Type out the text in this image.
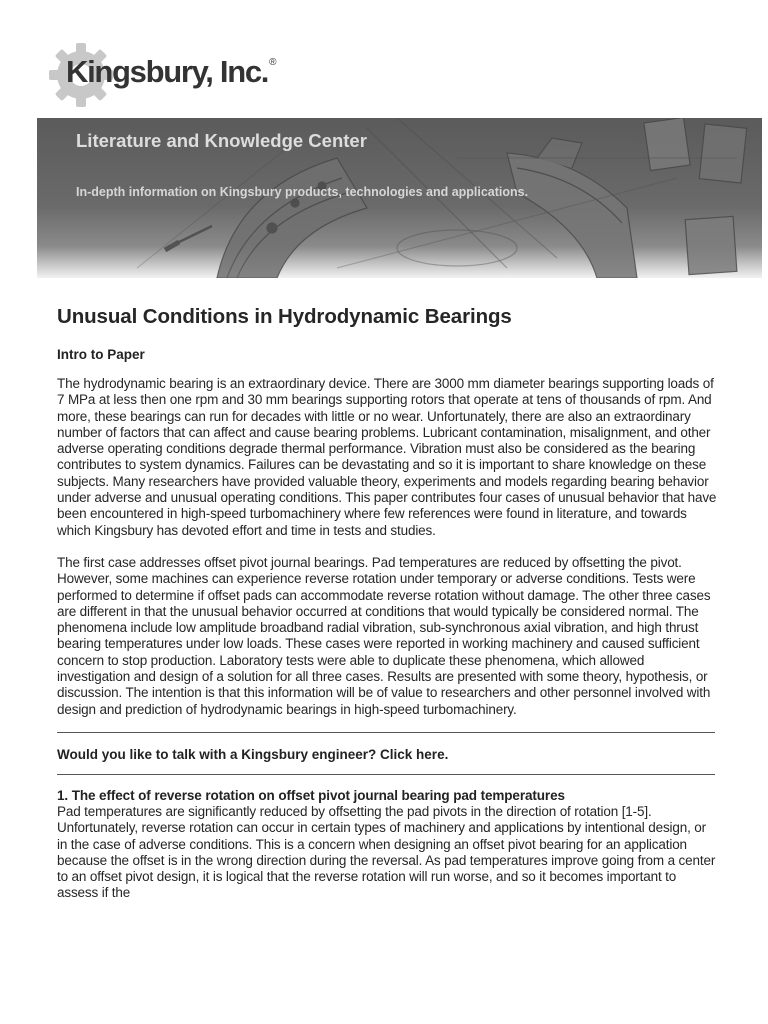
Kingsbury, Inc.®
Literature and Knowledge Center
In-depth information on Kingsbury products, technologies and applications.
Unusual Conditions in Hydrodynamic Bearings
Intro to Paper

The hydrodynamic bearing is an extraordinary device. There are 3000 mm diameter bearings supporting loads of 7 MPa at less then one rpm and 30 mm bearings supporting rotors that operate at tens of thousands of rpm. And more, these bearings can run for decades with little or no wear. Unfortunately, there are also an extraordinary number of factors that can affect and cause bearing problems. Lubricant contamination, misalignment, and other adverse operating conditions degrade thermal performance. Vibration must also be considered as the bearing contributes to system dynamics. Failures can be devastating and so it is important to share knowledge on these subjects. Many researchers have provided valuable theory, experiments and models regarding bearing behavior under adverse and unusual operating conditions. This paper contributes four cases of unusual behavior that have been encountered in high-speed turbomachinery where few references were found in literature, and towards which Kingsbury has devoted effort and time in tests and studies.

The first case addresses offset pivot journal bearings. Pad temperatures are reduced by offsetting the pivot. However, some machines can experience reverse rotation under temporary or adverse conditions. Tests were performed to determine if offset pads can accommodate reverse rotation without damage. The other three cases are different in that the unusual behavior occurred at conditions that would typically be considered normal. The phenomena include low amplitude broadband radial vibration, sub-synchronous axial vibration, and high thrust bearing temperatures under low loads. These cases were reported in working machinery and caused sufficient concern to stop production. Laboratory tests were able to duplicate these phenomena, which allowed investigation and design of a solution for all three cases. Results are presented with some theory, hypothesis, or discussion. The intention is that this information will be of value to researchers and other personnel involved with design and prediction of hydrodynamic bearings in high-speed turbomachinery.

Would you like to talk with a Kingsbury engineer? Click here.
1. The effect of reverse rotation on offset pivot journal bearing pad temperatures

Pad temperatures are significantly reduced by offsetting the pad pivots in the direction of rotation [1-5]. Unfortunately, reverse rotation can occur in certain types of machinery and applications by intentional design, or in the case of adverse conditions. This is a concern when designing an offset pivot bearing for an application because the offset is in the wrong direction during the reversal. As pad temperatures improve going from a center to an offset pivot design, it is logical that the reverse rotation will run worse, and so it becomes important to assess if the
